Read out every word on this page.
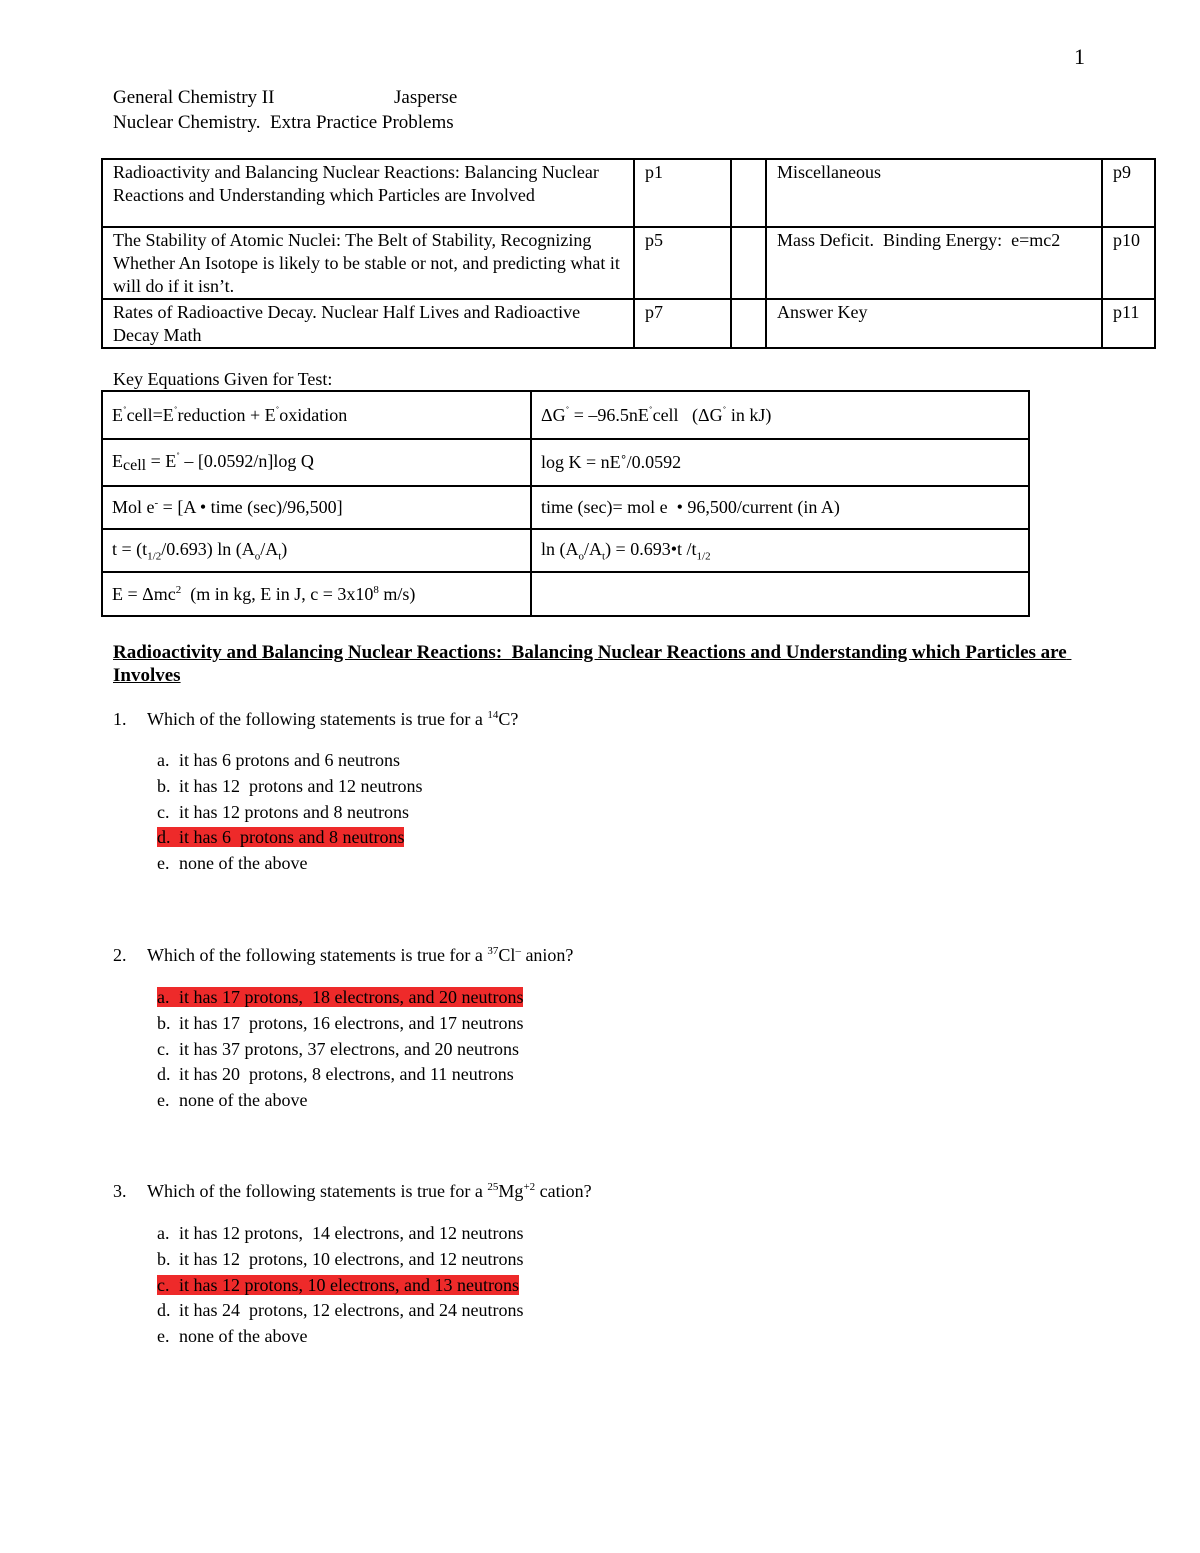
1
General Chemistry II	Jasperse
Nuclear Chemistry.  Extra Practice Problems
Radioactivity and Balancing Nuclear Reactions: Balancing Nuclear Reactions and Understanding which Particles are Involved	p1		Miscellaneous	p9
The Stability of Atomic Nuclei: The Belt of Stability, Recognizing Whether An Isotope is likely to be stable or not, and predicting what it will do if it isn’t.	p5		Mass Deficit.  Binding Energy:  e=mc2	p10
Rates of Radioactive Decay. Nuclear Half Lives and Radioactive Decay Math	p7		Answer Key	p11
Key Equations Given for Test:
E˚cell=E˚reduction + E˚oxidation	ΔG˚ = –96.5nE˚cell   (ΔG˚ in kJ)
$E_{cell} = E^˚ - [0.0592/n]\log$ Q	log K = nE˚/0.0592
Mol e- = [A • time (sec)/96,500]	time (sec)= mol e  • 96,500/current (in A)
$t = (t_{1/2}/0.693)$ $\ln (A_o/A_t)$	$\ln (A_o/A_t)$ = 0.693•t $/t_{1/2}$
E = Δmc$^2$  (m in kg, E in J, $c = 3x10^8$ m/s)	
Radioactivity and Balancing Nuclear Reactions:  Balancing Nuclear Reactions and Understanding which Particles are Involves
1. Which of the following statements is true for a $^{14}$C?
a. it has 6 protons and 6 neutrons
b. it has 12  protons and 12 neutrons
c. it has 12 protons and 8 neutrons
d. it has 6  protons and 8 neutrons
e. none of the above
2. Which of the following statements is true for a $^{37}$Cl– anion?
a. it has 17 protons,  18 electrons, and 20 neutrons
b. it has 17  protons, 16 electrons, and 17 neutrons
c. it has 37 protons, 37 electrons, and 20 neutrons
d. it has 20  protons, 8 electrons, and 11 neutrons
e. none of the above
3. Which of the following statements is true for a $^{25}Mg^{+2}$ cation?
a. it has 12 protons,  14 electrons, and 12 neutrons
b. it has 12  protons, 10 electrons, and 12 neutrons
c. it has 12 protons, 10 electrons, and 13 neutrons
d. it has 24  protons, 12 electrons, and 24 neutrons
e. none of the above
